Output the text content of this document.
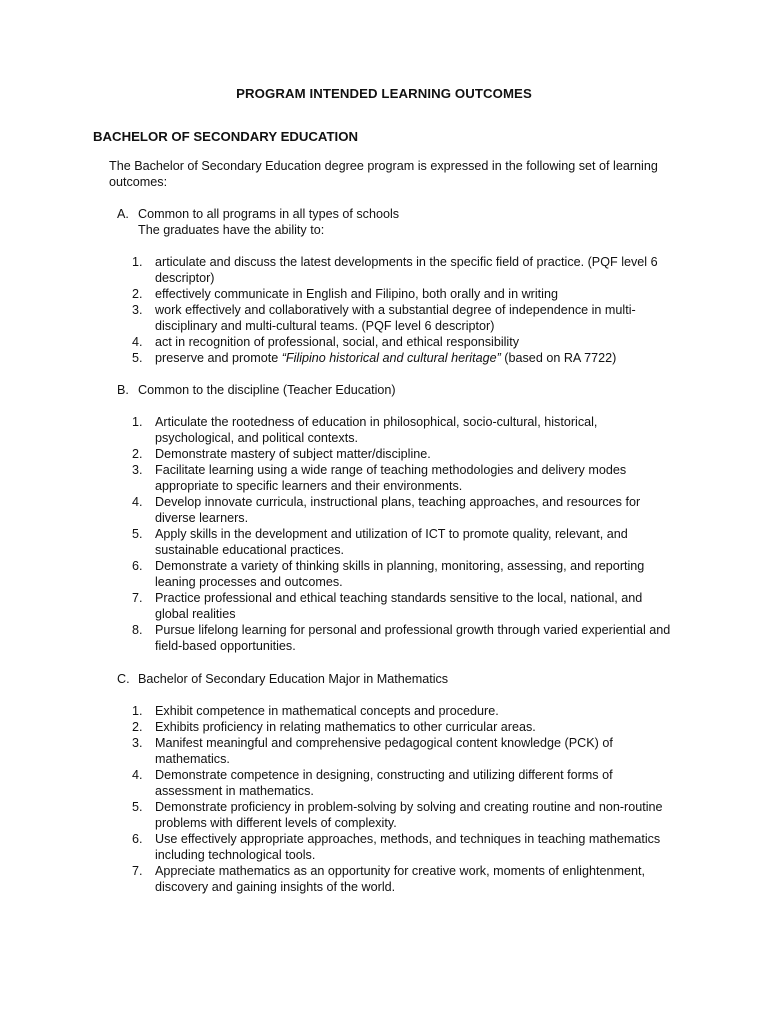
PROGRAM INTENDED LEARNING OUTCOMES
BACHELOR OF SECONDARY EDUCATION
The Bachelor of Secondary Education degree program is expressed in the following set of learning outcomes:
A. Common to all programs in all types of schools
The graduates have the ability to:
1. articulate and discuss the latest developments in the specific field of practice. (PQF level 6 descriptor)
2. effectively communicate in English and Filipino, both orally and in writing
3. work effectively and collaboratively with a substantial degree of independence in multi-disciplinary and multi-cultural teams. (PQF level 6 descriptor)
4. act in recognition of professional, social, and ethical responsibility
5. preserve and promote “Filipino historical and cultural heritage” (based on RA 7722)
B. Common to the discipline (Teacher Education)
1. Articulate the rootedness of education in philosophical, socio-cultural, historical, psychological, and political contexts.
2. Demonstrate mastery of subject matter/discipline.
3. Facilitate learning using a wide range of teaching methodologies and delivery modes appropriate to specific learners and their environments.
4. Develop innovate curricula, instructional plans, teaching approaches, and resources for diverse learners.
5. Apply skills in the development and utilization of ICT to promote quality, relevant, and sustainable educational practices.
6. Demonstrate a variety of thinking skills in planning, monitoring, assessing, and reporting leaning processes and outcomes.
7. Practice professional and ethical teaching standards sensitive to the local, national, and global realities
8. Pursue lifelong learning for personal and professional growth through varied experiential and field-based opportunities.
C. Bachelor of Secondary Education Major in Mathematics
1. Exhibit competence in mathematical concepts and procedure.
2. Exhibits proficiency in relating mathematics to other curricular areas.
3. Manifest meaningful and comprehensive pedagogical content knowledge (PCK) of mathematics.
4. Demonstrate competence in designing, constructing and utilizing different forms of assessment in mathematics.
5. Demonstrate proficiency in problem-solving by solving and creating routine and non-routine problems with different levels of complexity.
6. Use effectively appropriate approaches, methods, and techniques in teaching mathematics including technological tools.
7. Appreciate mathematics as an opportunity for creative work, moments of enlightenment, discovery and gaining insights of the world.
